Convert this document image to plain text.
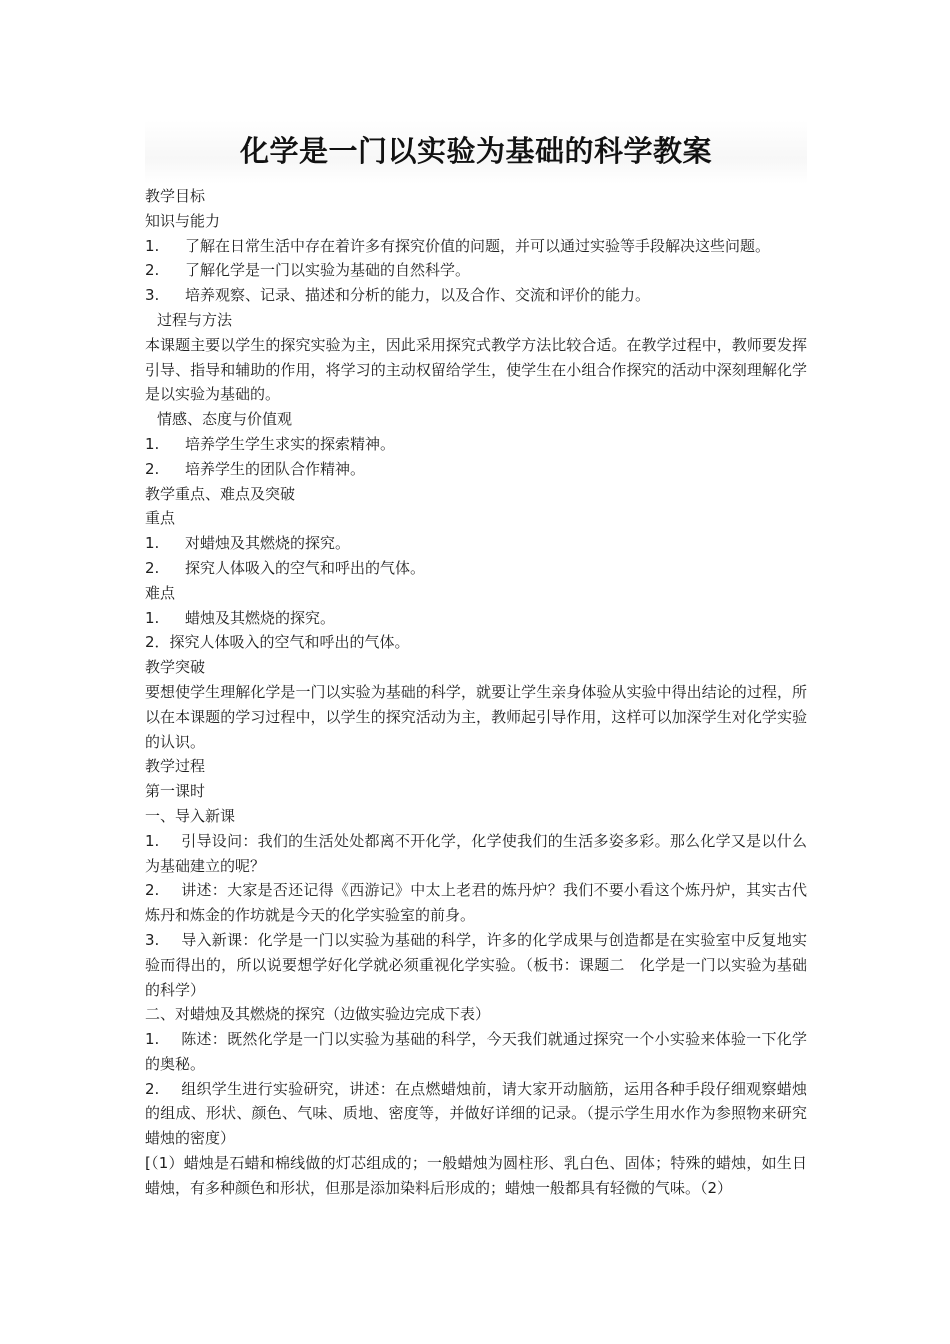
化学是一门以实验为基础的科学教案
教学目标
知识与能力
1. 了解在日常生活中存在着许多有探究价值的问题，并可以通过实验等手段解决这些问题。
2. 了解化学是一门以实验为基础的自然科学。
3. 培养观察、记录、描述和分析的能力，以及合作、交流和评价的能力。
过程与方法
本课题主要以学生的探究实验为主，因此采用探究式教学方法比较合适。在教学过程中，教师要发挥引导、指导和辅助的作用，将学习的主动权留给学生，使学生在小组合作探究的活动中深刻理解化学是以实验为基础的。
情感、态度与价值观
1. 培养学生学生求实的探索精神。
2. 培养学生的团队合作精神。
教学重点、难点及突破
重点
1. 对蜡烛及其燃烧的探究。
2. 探究人体吸入的空气和呼出的气体。
难点
1. 蜡烛及其燃烧的探究。
2．探究人体吸入的空气和呼出的气体。
教学突破
要想使学生理解化学是一门以实验为基础的科学，就要让学生亲身体验从实验中得出结论的过程，所以在本课题的学习过程中，以学生的探究活动为主，教师起引导作用，这样可以加深学生对化学实验的认识。
教学过程
第一课时
一、导入新课
1. 引导设问：我们的生活处处都离不开化学，化学使我们的生活多姿多彩。那么化学又是以什么为基础建立的呢？
2. 讲述：大家是否还记得《西游记》中太上老君的炼丹炉？我们不要小看这个炼丹炉，其实古代炼丹和炼金的作坊就是今天的化学实验室的前身。
3. 导入新课：化学是一门以实验为基础的科学，许多的化学成果与创造都是在实验室中反复地实验而得出的，所以说要想学好化学就必须重视化学实验。（板书：课题二　化学是一门以实验为基础的科学）
二、对蜡烛及其燃烧的探究（边做实验边完成下表）
1. 陈述：既然化学是一门以实验为基础的科学，今天我们就通过探究一个小实验来体验一下化学的奥秘。
2. 组织学生进行实验研究，讲述：在点燃蜡烛前，请大家开动脑筋，运用各种手段仔细观察蜡烛的组成、形状、颜色、气味、质地、密度等，并做好详细的记录。（提示学生用水作为参照物来研究蜡烛的密度）
[（1）蜡烛是石蜡和棉线做的灯芯组成的；一般蜡烛为圆柱形、乳白色、固体；特殊的蜡烛，如生日蜡烛，有多种颜色和形状，但那是添加染料后形成的；蜡烛一般都具有轻微的气味。（2）
